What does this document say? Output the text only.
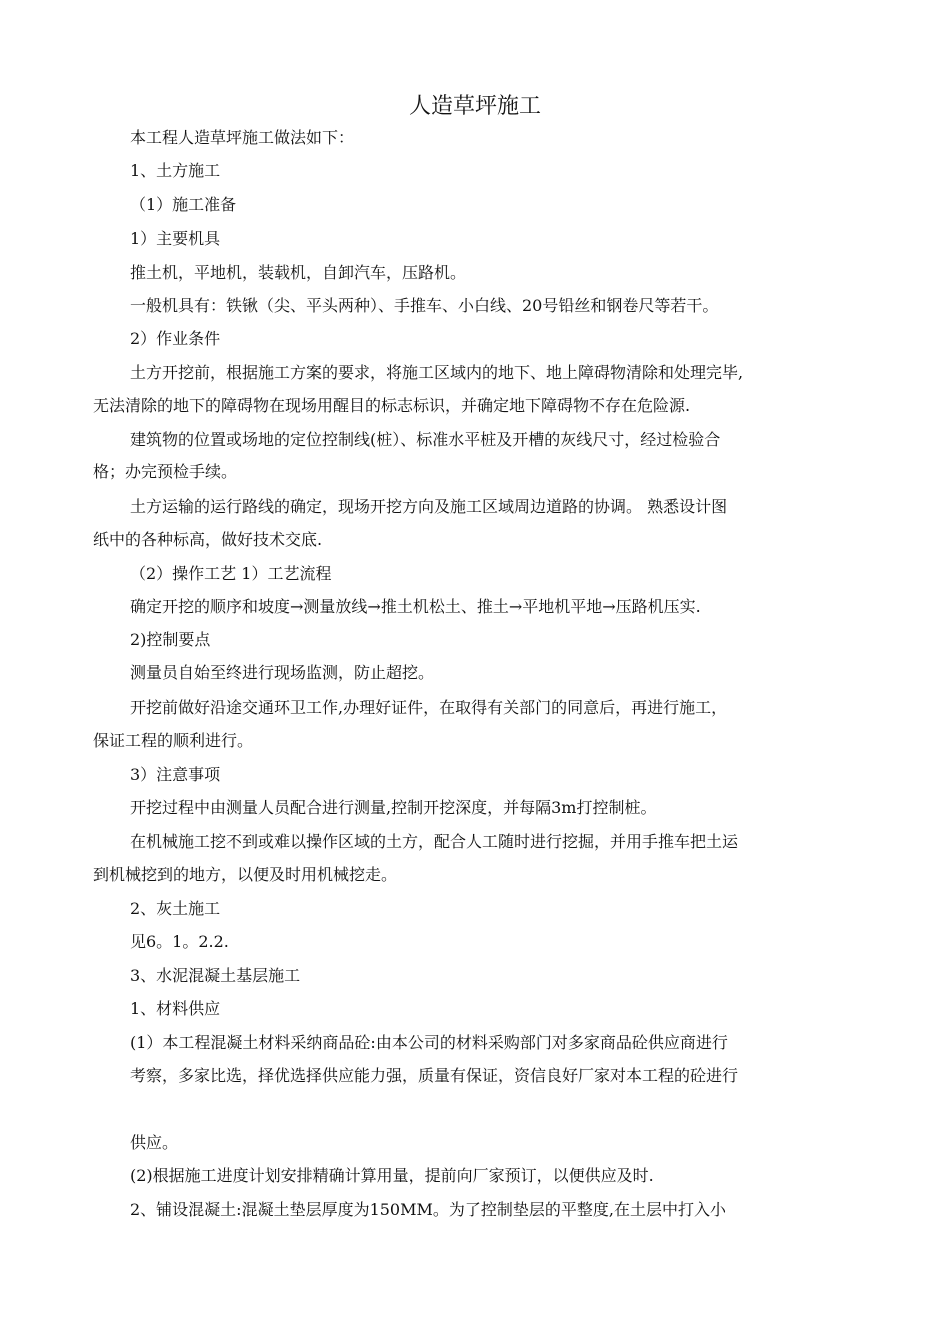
人造草坪施工
本工程人造草坪施工做法如下：
1、土方施工
（1）施工准备
1）主要机具
推土机，平地机，装载机，自卸汽车，压路机。
一般机具有：铁锹（尖、平头两种）、手推车、小白线、20号铅丝和钢卷尺等若干。
2）作业条件
土方开挖前，根据施工方案的要求，将施工区域内的地下、地上障碍物清除和处理完毕,
无法清除的地下的障碍物在现场用醒目的标志标识，并确定地下障碍物不存在危险源.
建筑物的位置或场地的定位控制线(桩）、标准水平桩及开槽的灰线尺寸，经过检验合
格；办完预检手续。
土方运输的运行路线的确定，现场开挖方向及施工区域周边道路的协调。 熟悉设计图
纸中的各种标高，做好技术交底.
（2）操作工艺 1）工艺流程
确定开挖的顺序和坡度→测量放线→推土机松土、推土→平地机平地→压路机压实.
2)控制要点
测量员自始至终进行现场监测，防止超挖。
开挖前做好沿途交通环卫工作,办理好证件，在取得有关部门的同意后，再进行施工，
保证工程的顺利进行。
3）注意事项
开挖过程中由测量人员配合进行测量,控制开挖深度，并每隔3m打控制桩。
在机械施工挖不到或难以操作区域的土方，配合人工随时进行挖掘，并用手推车把土运
到机械挖到的地方，以便及时用机械挖走。
2、灰土施工
见6。1。2.2.
3、水泥混凝土基层施工
1、材料供应
(1）本工程混凝土材料采纳商品砼:由本公司的材料采购部门对多家商品砼供应商进行
考察，多家比选，择优选择供应能力强，质量有保证，资信良好厂家对本工程的砼进行
供应。
(2)根据施工进度计划安排精确计算用量，提前向厂家预订，以便供应及时.
2、铺设混凝土:混凝土垫层厚度为150MM。为了控制垫层的平整度,在土层中打入小
